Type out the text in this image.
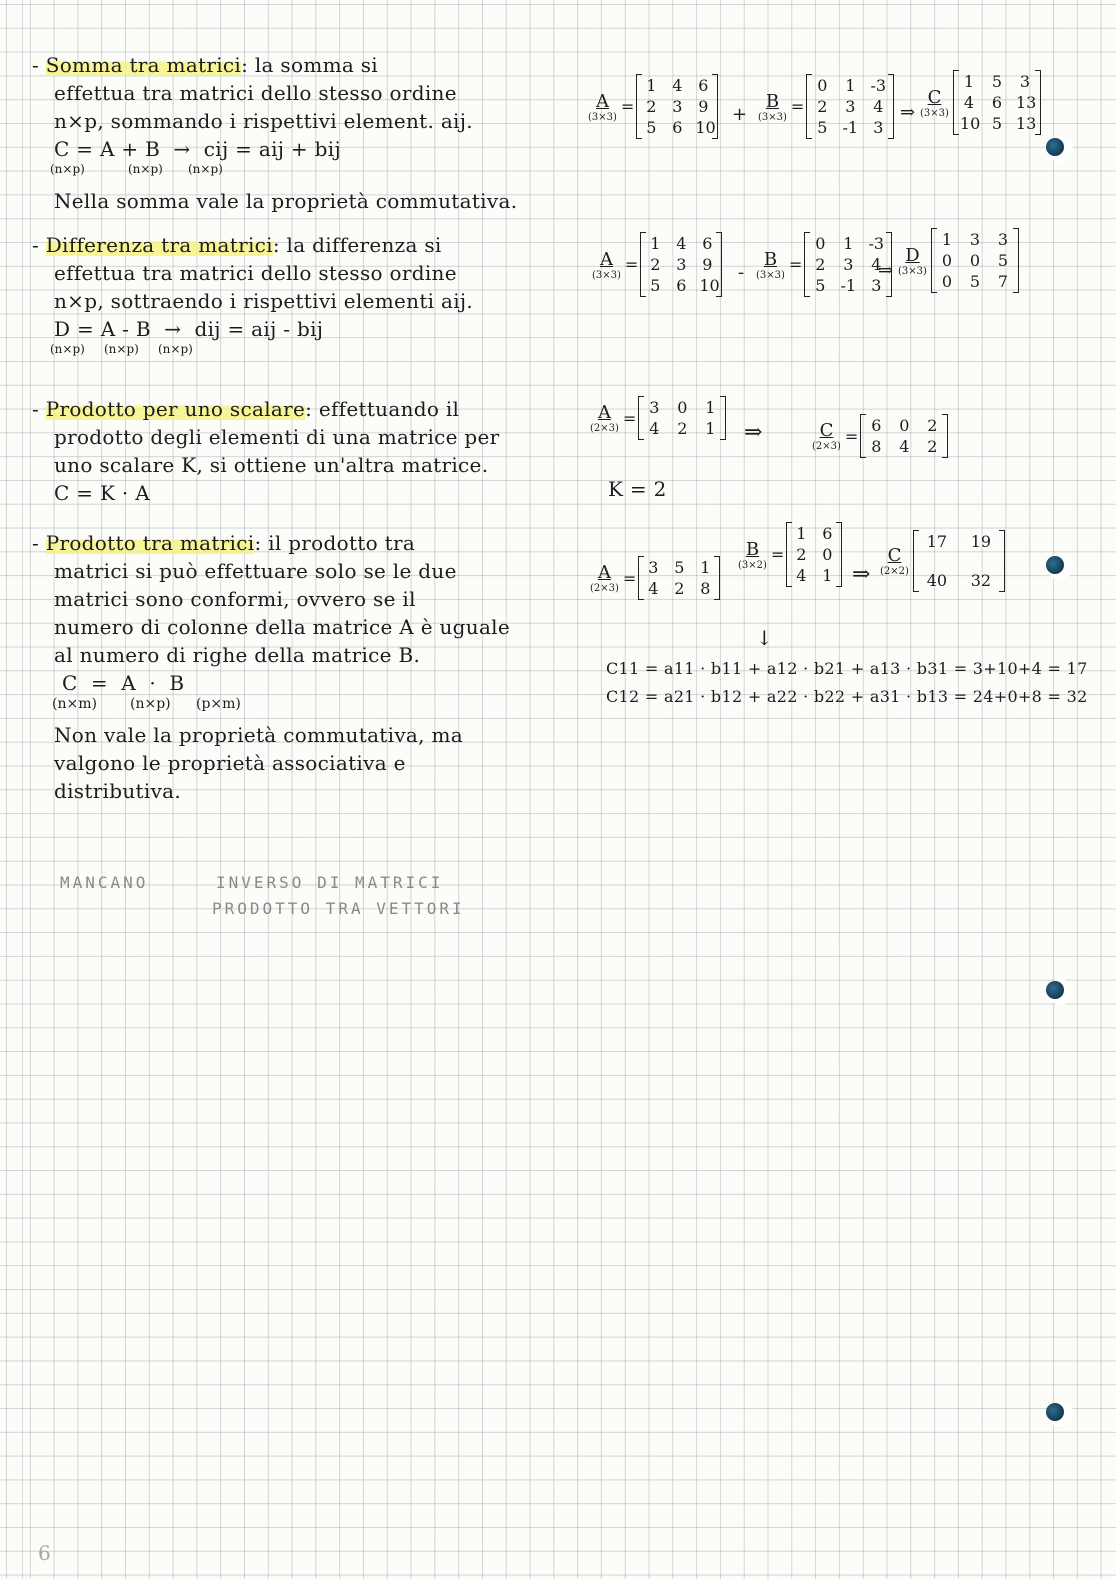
- Somma tra matrici: la somma si
effettua tra matrici dello stesso ordine
n×p, sommando i rispettivi element. aij.
C = A + B  →  cij = aij + bij
(n×p)	(n×p) (n×p)
Nella somma vale la proprietà commutativa.
A
(3×3)
=
1 4 6
2 3 9
5 6 10
+
B
(3×3)
=
0 1 -3
2 3 4
5 -1 3
⇒
C
(3×3)
1 5 3
4 6 13
10 5 13
- Differenza tra matrici: la differenza si
effettua tra matrici dello stesso ordine
n×p, sottraendo i rispettivi elementi aij.
D = A - B  →  dij = aij - bij
(n×p) (n×p) (n×p)
A
(3×3)
=
1 4 6
2 3 9
5 6 10
-
B
(3×3)
=
0 1 -3
2 3 4
5 -1 3
⇒
D
(3×3)
1 3 3
0 0 5
0 5 7
- Prodotto per uno scalare: effettuando il
prodotto degli elementi di una matrice per
uno scalare K, si ottiene un'altra matrice.
C = K · A
A
(2×3)
=
3 0 1
4 2 1 ⇒	C
(2×3)
=
6 0 2
8 4 2
K = 2
- Prodotto tra matrici: il prodotto tra
matrici si può effettuare solo se le due
matrici sono conformi, ovvero se il
numero di colonne della matrice A è uguale
al numero di righe della matrice B.
C  =  A  ·  B
(n×m) (n×p) (p×m)
Non vale la proprietà commutativa, ma
valgono le proprietà associativa e
distributiva.
A
(2×3)
=
3 5 1
4 2 8
B
(3×2)
=
1 6
2 0
4 1 ⇒
C
(2×2)
17	19
40	32
↓
C11 = a11 · b11 + a12 · b21 + a13 · b31 = 3+10+4 = 17
C12 = a21 · b12 + a22 · b22 + a31 · b13 = 24+0+8 = 32
MANCANO	INVERSO DI MATRICI
PRODOTTO TRA VETTORI
6
